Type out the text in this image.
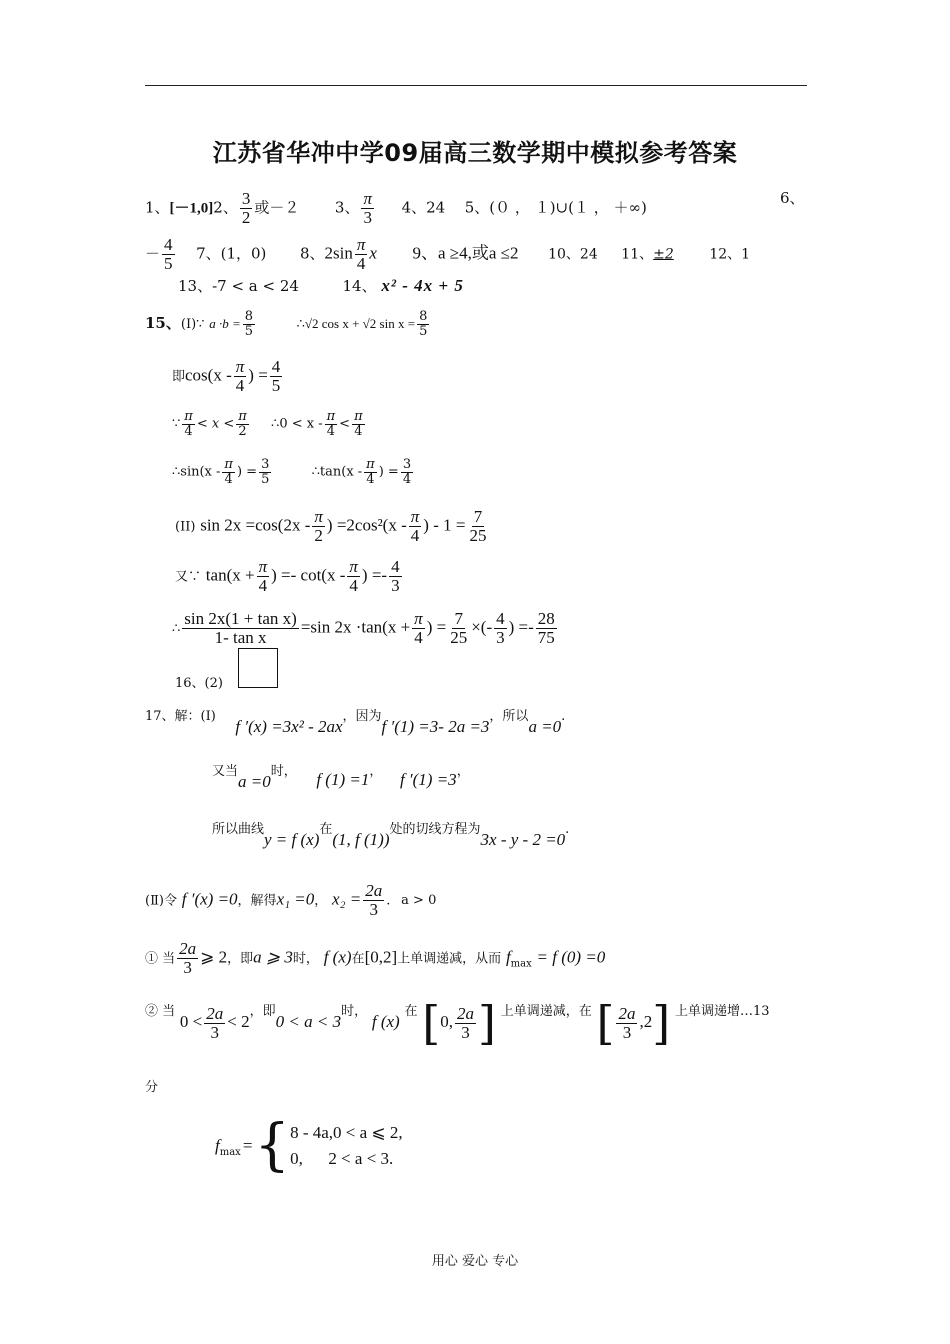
江苏省华冲中学09届高三数学期中模拟参考答案
1、[－1,0]2、 $\frac{3}{2}$ 或－２ 3、 $\frac{\pi}{3} 4$、24 5、(０ ， １)∪(１ ， ＋∞)
6、
－ $\frac{4}{5} 7$、(1，0) 8、$2\sin \frac{\pi}{4}$ x 9、a ≥4,或a ≤2 10、24 11、±2	12、1
13、-7 < a < 24	14、 x² - 4x + 5
15、(I)∵ $a \cdot b = \frac{8}{5}$	∴√2 cos x + √2 $\sin x = \frac{8}{5}$
即$\cos(x - \frac{\pi}{4}$ ) = $\frac{4}{5}$
∵ $\frac{\pi}{4} < x < \frac{\pi}{2}$ ∴0 < $x - \frac{\pi}{4} < \frac{\pi}{4}$
∴sin(x - $\frac{\pi}{4}$ ) = $\frac{3}{5}$	∴tan(x - $\frac{\pi}{4}$ ) = $\frac{3}{4}$
(II) $\sin 2x =\cos(2x - \frac{\pi}{2}$ ) $=2\cos^2(x - \frac{\pi}{4}$ ) - $1 = \frac{7}{25}$
又∵ $\tan(x + \frac{\pi}{4}$ ) =- $\cot(x - \frac{\pi}{4}$ ) =- $\frac{4}{3}$
∴ $\frac{\text{sin 2x(1 + tan x)}}{\text{1- tan x}} =\sin$ $2x \cdot\tan(x + \frac{\pi}{4}$ ) = $\frac{7}{25}$ ×(- $\frac{4}{3}$ ) =- $\frac{28}{75}$
16、(2)
17、解：(Ⅰ)  f ′(x) =3x² - 2ax，因为f ′(1) =3- 2a =3，所以a =0.
又当a =0时， f (1) =1， f ′(1) =3，
所以曲线y = f (x)在(1, f (1))处的切线方程为3x - y - 2 =0.
(Ⅱ)令 f ′(x) =0，解得x₁ =0， $x_2 = \frac{2a}{3}$ . a > 0
① 当 $\frac{2a}{3}$ ⩾ 2，即a ⩾ 3时， f (x)在[0,2]上单调递减，从而 $f_{max} = f$ (0) =0
② 当 $0 < \frac{2a}{3} < 2$，即0 < a < 3时， f (x) 在 [0, $\frac{2a}{3}$ ] 上单调递减，在 [ $\frac{2a}{3} ,2$] 上单调递增…13
分
$f_{max}$ = { 8 - 4a,0 < a ⩽ 2,
0,      2 < a < 3.
用心 爱心 专心
